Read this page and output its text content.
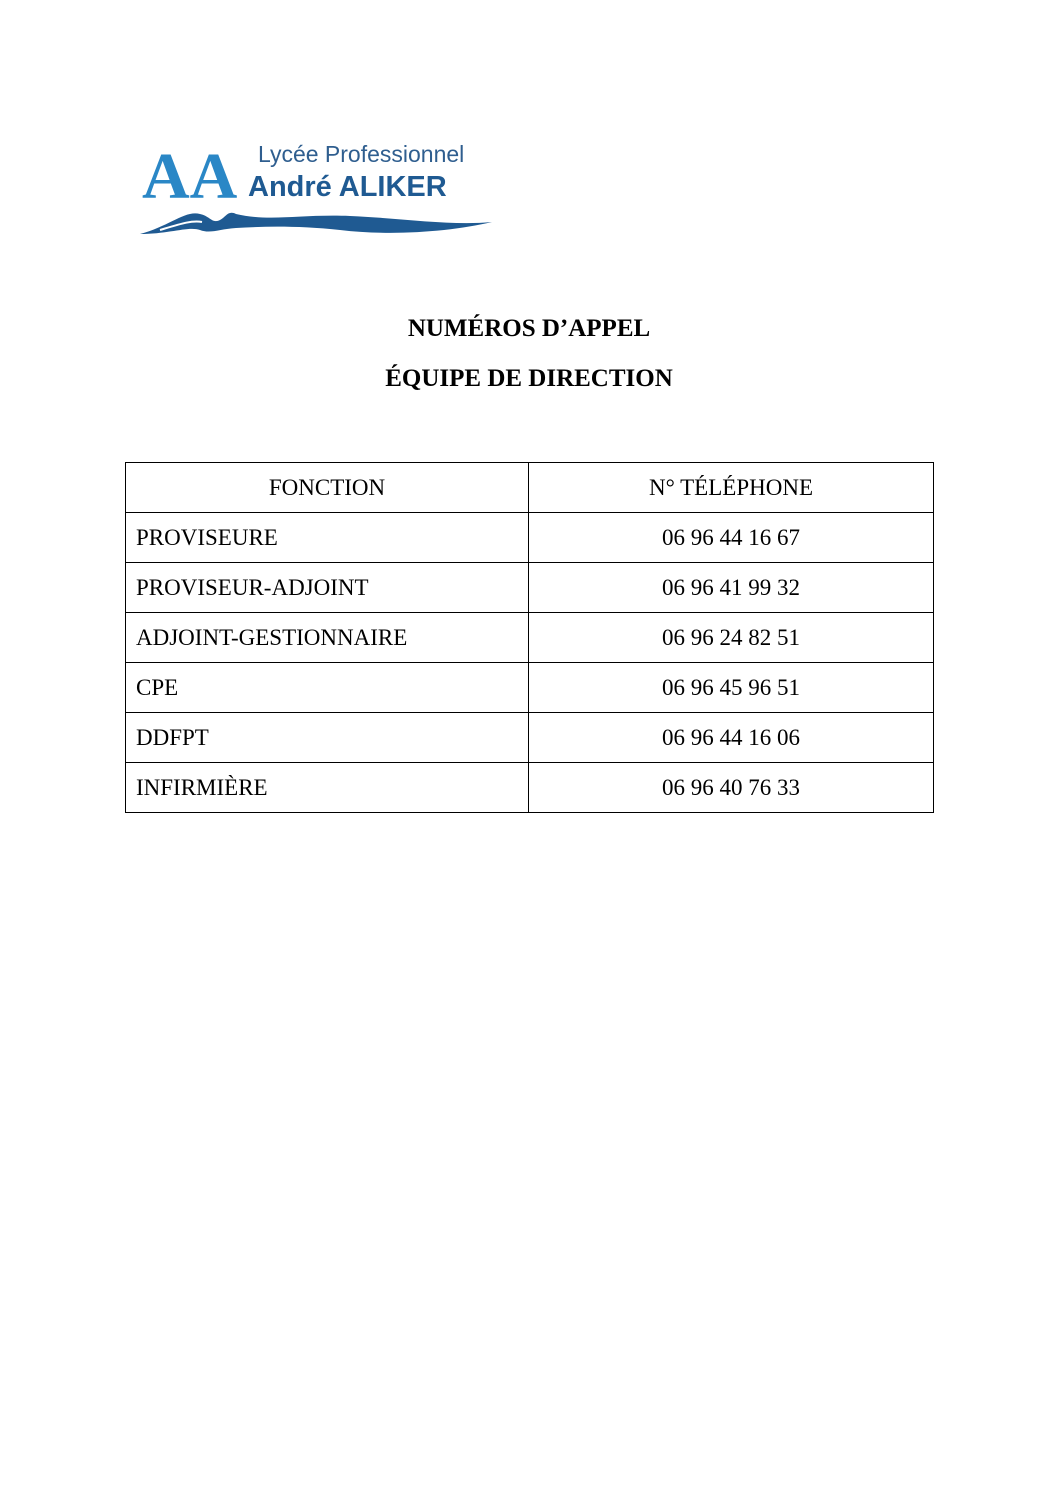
AA Lycée Professionnel
André ALIKER

NUMÉROS D’APPEL

ÉQUIPE DE DIRECTION

FONCTION	N° TÉLÉPHONE
PROVISEURE	06 96 44 16 67
PROVISEUR-ADJOINT	06 96 41 99 32
ADJOINT-GESTIONNAIRE	06 96 24 82 51
CPE	06 96 45 96 51
DDFPT	06 96 44 16 06
INFIRMIÈRE	06 96 40 76 33
